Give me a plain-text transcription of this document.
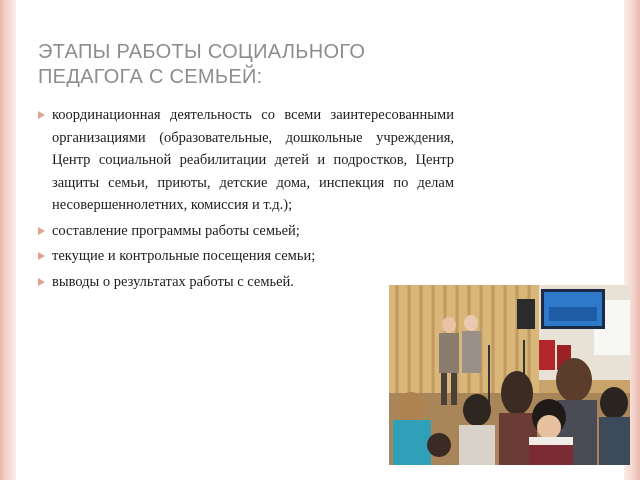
ЭТАПЫ РАБОТЫ СОЦИАЛЬНОГО
ПЕДАГОГА С СЕМЬЕЙ:
координационная деятельность со всеми заинтересованными организациями (образовательные, дошкольные учреждения, Центр социальной реабилитации детей и подростков, Центр защиты семьи, приюты, детские дома, инспекция по делам несовершеннолетних, комиссия и т.д.);
составление программы работы семьей;
текущие и контрольные посещения семьи;
выводы о результатах работы с семьей.
